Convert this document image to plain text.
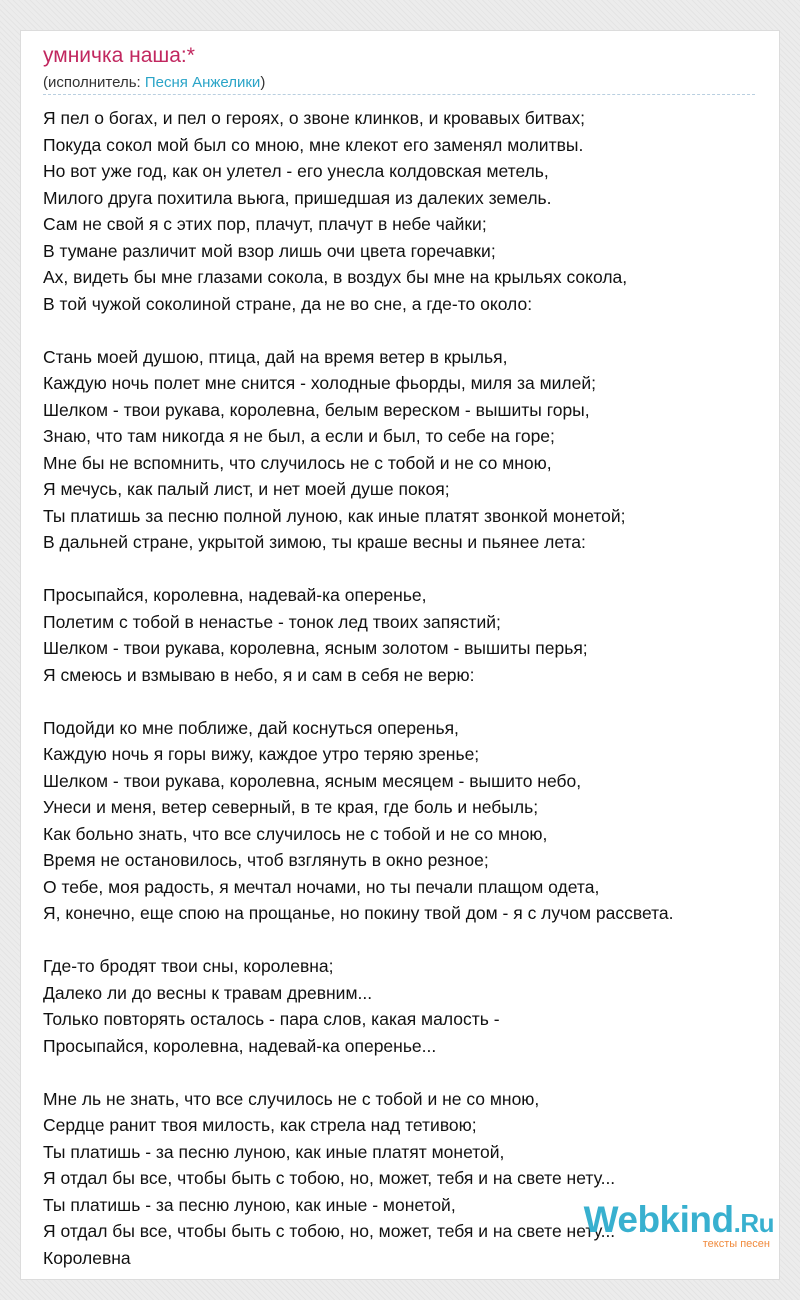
умничка наша:*
(исполнитель: Песня Анжелики)
Я пел о богах, и пел о героях, о звоне клинков, и кровавых битвах;
Покуда сокол мой был со мною, мне клекот его заменял молитвы.
Но вот уже год, как он улетел - его унесла колдовская метель,
Милого друга похитила вьюга, пришедшая из далеких земель.
Сам не свой я с этих пор, плачут, плачут в небе чайки;
В тумане различит мой взор лишь очи цвета горечавки;
Ах, видеть бы мне глазами сокола, в воздух бы мне на крыльях сокола,
В той чужой соколиной стране, да не во сне, а где-то около:
Стань моей душою, птица, дай на время ветер в крылья,
Каждую ночь полет мне снится - холодные фьорды, миля за милей;
Шелком - твои рукава, королевна, белым вереском - вышиты горы,
Знаю, что там никогда я не был, а если и был, то себе на горе;
Мне бы не вспомнить, что случилось не с тобой и не со мною,
Я мечусь, как палый лист, и нет моей душе покоя;
Ты платишь за песню полной луною, как иные платят звонкой монетой;
В дальней стране, укрытой зимою, ты краше весны и пьянее лета:
Просыпайся, королевна, надевай-ка оперенье,
Полетим с тобой в ненастье - тонок лед твоих запястий;
Шелком - твои рукава, королевна, ясным золотом - вышиты перья;
Я смеюсь и взмываю в небо, я и сам в себя не верю:
Подойди ко мне поближе, дай коснуться оперенья,
Каждую ночь я горы вижу, каждое утро теряю зренье;
Шелком - твои рукава, королевна, ясным месяцем - вышито небо,
Унеси и меня, ветер северный, в те края, где боль и небыль;
Как больно знать, что все случилось не с тобой и не со мною,
Время не остановилось, чтоб взглянуть в окно резное;
О тебе, моя радость, я мечтал ночами, но ты печали плащом одета,
Я, конечно, еще спою на прощанье, но покину твой дом - я с лучом рассвета.
Где-то бродят твои сны, королевна;
Далеко ли до весны к травам древним...
Только повторять осталось - пара слов, какая малость -
Просыпайся, королевна, надевай-ка оперенье...
Мне ль не знать, что все случилось не с тобой и не со мною,
Сердце ранит твоя милость, как стрела над тетивою;
Ты платишь - за песню луною, как иные платят монетой,
Я отдал бы все, чтобы быть с тобою, но, может, тебя и на свете нету...
Ты платишь - за песню луною, как иные - монетой,
Я отдал бы все, чтобы быть с тобою, но, может, тебя и на свете нету...
Королевна
Webkind.Ru
тексты песен
